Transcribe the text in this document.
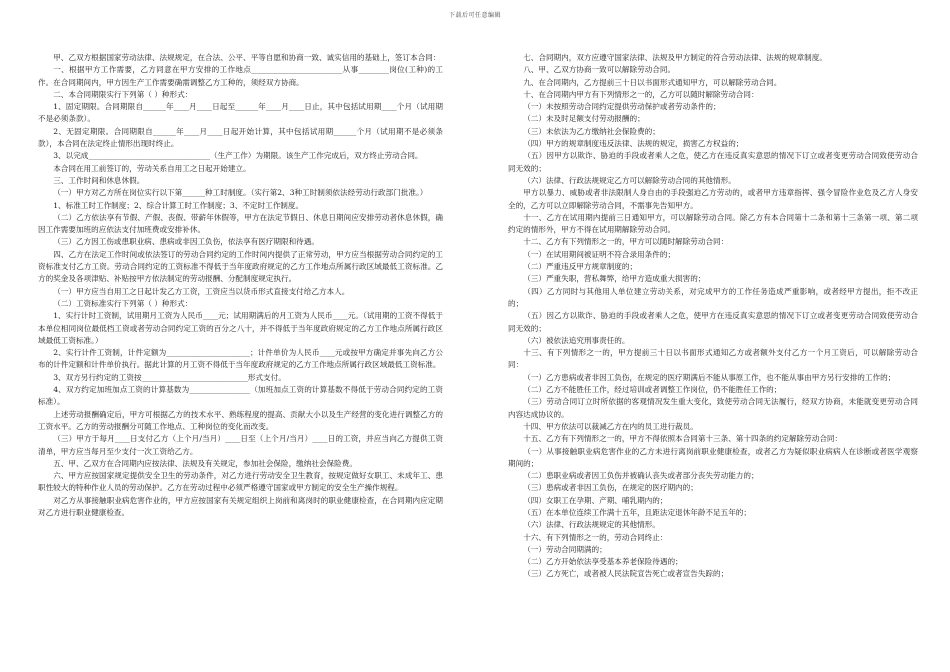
下载后可任意编辑

甲、乙双方根据国家劳动法律、法规规定，在合法、公平、平等自愿和协商一致、诚实信用的基础上，签订本合同：

一、根据甲方工作需要，乙方同意在甲方安排的工作地点________________________从事________岗位(工种)的工作。在合同期间内，甲方因生产工作需要确需调整乙方工种的，须经双方协商。

二、本合同期限实行下列第（ ）种形式：

1、固定期限。合同期限自______年____月____日起至______年____月____日止，其中包括试用期____个月（试用期不是必须条款）。

2、无固定期限。合同期限自______年____月____日起开始计算，其中包括试用期______个月（试用期不是必须条款），本合同在法定终止情形出现时终止。

3、以完成________________________________（生产工作）为期限。该生产工作完成后，双方终止劳动合同。

本合同在用工前签订的，劳动关系自用工之日起开始建立。

三、工作时间和休息休假。

（一）甲方对乙方所在岗位实行以下第______种工时制度。（实行第2、3种工时制须依法经劳动行政部门批准。）

1、标准工时工作制度；2、综合计算工时工作制度；3、不定时工作制度。

（二）乙方依法享有节假、产假、丧假、带薪年休假等，甲方在法定节假日、休息日期间应安排劳动者休息休假，确因工作需要加班的应依法支付加班费或安排补休。

（三）乙方因工伤或患职业病、患病或非因工负伤，依法享有医疗期限和待遇。

四、乙方在法定工作时间或依法签订的劳动合同约定的工作时间内提供了正常劳动，甲方应当根据劳动合同约定的工资标准支付乙方工资。劳动合同约定的工资标准不得低于当年度政府规定的乙方工作地点所属行政区域最低工资标准。乙方的奖金及各项津贴、补贴按甲方依法制定的劳动报酬、分配制度规定执行。

（一）甲方应当自用工之日起计发乙方工资，工资应当以货币形式直接支付给乙方本人。

（二）工资标准实行下列第（ ）种形式：

1、实行计时工资制，试用期月工资为人民币____元；试用期满后的月工资为人民币____元。（试用期的工资不得低于本单位相同岗位最低档工资或者劳动合同约定工资的百分之八十，并不得低于当年度政府规定的乙方工作地点所属行政区域最低工资标准。）

2、实行计件工资制，计件定额为______________________；计件单价为人民币____元或按甲方确定并事先向乙方公布的计件定额和计件单价执行。据此计算的月工资不得低于当年度政府规定的乙方工作地点所属行政区域最低工资标准。

3、双方另行约定的工资按____________________________形式支付。

4、双方约定加班加点工资的计算基数为________________（加班加点工资的计算基数不得低于劳动合同约定的工资标准）。

上述劳动报酬确定后，甲方可根据乙方的技术水平、熟练程度的提高、贡献大小以及生产经营的变化进行调整乙方的工资水平。乙方的劳动报酬分可随工作地点、工种岗位的变化而改变。

（三）甲方于每月____日支付乙方（上个月/当月）____日至（上个月/当月）____日的工资，并应当向乙方提供工资清单，甲方应当每月至少支付一次工资给乙方。

五、甲、乙双方在合同期内应按法律、法规及有关规定，参加社会保险，缴纳社会保险费。

六、甲方应按国家规定提供安全卫生的劳动条件，对乙方进行劳动安全卫生教育，按规定做好女职工、未成年工、患职性较大的特种作业人员的劳动保护。乙方在劳动过程中必须严格遵守国家或甲方制定的安全生产操作规程。

对乙方从事接触职业病危害作业的，甲方应按国家有关规定组织上岗前和离岗时的职业健康检查，在合同期内应定期对乙方进行职业健康检查。

七、合同期内，双方应遵守国家法律、法规及甲方制定的符合劳动法律、法规的规章制度。

八、甲、乙双方协商一致可以解除劳动合同。

九、在合同期内，乙方提前三十日以书面形式通知甲方，可以解除劳动合同。

十、在合同期内甲方有下列情形之一的，乙方可以随时解除劳动合同：

（一）未按照劳动合同约定提供劳动保护或者劳动条件的；

（二）未及时足额支付劳动报酬的；

（三）未依法为乙方缴纳社会保险费的；

（四）甲方的规章制度违反法律、法规的规定，损害乙方权益的；

（五）因甲方以欺诈、胁迫的手段或者乘人之危，使乙方在违反真实意思的情况下订立或者变更劳动合同致使劳动合同无效的；

（六）法律、行政法规规定乙方可以解除劳动合同的其他情形。

甲方以暴力、威胁或者非法限制人身自由的手段强迫乙方劳动的，或者甲方违章指挥、强令冒险作业危及乙方人身安全的，乙方可以立即解除劳动合同，不需事先告知甲方。

十一、乙方在试用期内提前三日通知甲方，可以解除劳动合同。除乙方有本合同第十二条和第十三条第一项、第二项约定的情形外，甲方不得在试用期解除劳动合同。

十二、乙方有下列情形之一的，甲方可以随时解除劳动合同：

（一）在试用期间被证明不符合录用条件的；

（二）严重违反甲方规章制度的；

（三）严重失职，营私舞弊，给甲方造成重大损害的；

（四）乙方同时与其他用人单位建立劳动关系，对完成甲方的工作任务造成严重影响，或者经甲方提出，拒不改正的；

（五）因乙方以欺诈、胁迫的手段或者乘人之危，使甲方在违反真实意思的情况下订立或者变更劳动合同致使劳动合同无效的；

（六）被依法追究刑事责任的。

十三、有下列情形之一的，甲方提前三十日以书面形式通知乙方或者额外支付乙方一个月工资后，可以解除劳动合同：

（一）乙方患病或者非因工负伤，在规定的医疗期满后不能从事原工作，也不能从事由甲方另行安排的工作的；

（二）乙方不能胜任工作，经过培训或者调整工作岗位，仍不能胜任工作的；

（三）劳动合同订立时所依据的客观情况发生重大变化，致使劳动合同无法履行，经双方协商，未能就变更劳动合同内容达成协议的。

十四、甲方依法可以裁减乙方在内的员工进行裁员。

十五、乙方有下列情形之一的，甲方不得依照本合同第十三条、第十四条的约定解除劳动合同：

（一）从事接触职业病危害作业的乙方未进行离岗前职业健康检查，或者乙方为疑似职业病病人在诊断或者医学观察期间的；

（二）患职业病或者因工负伤并被确认丧失或者部分丧失劳动能力的；

（三）患病或者非因工负伤，在规定的医疗期内的；

（四）女职工在孕期、产期、哺乳期内的；

（五）在本单位连续工作满十五年，且距法定退休年龄不足五年的；

（六）法律、行政法规规定的其他情形。

十六、有下列情形之一的，劳动合同终止：

（一）劳动合同期满的；

（二）乙方开始依法享受基本养老保险待遇的；

（三）乙方死亡，或者被人民法院宣告死亡或者宣告失踪的；
